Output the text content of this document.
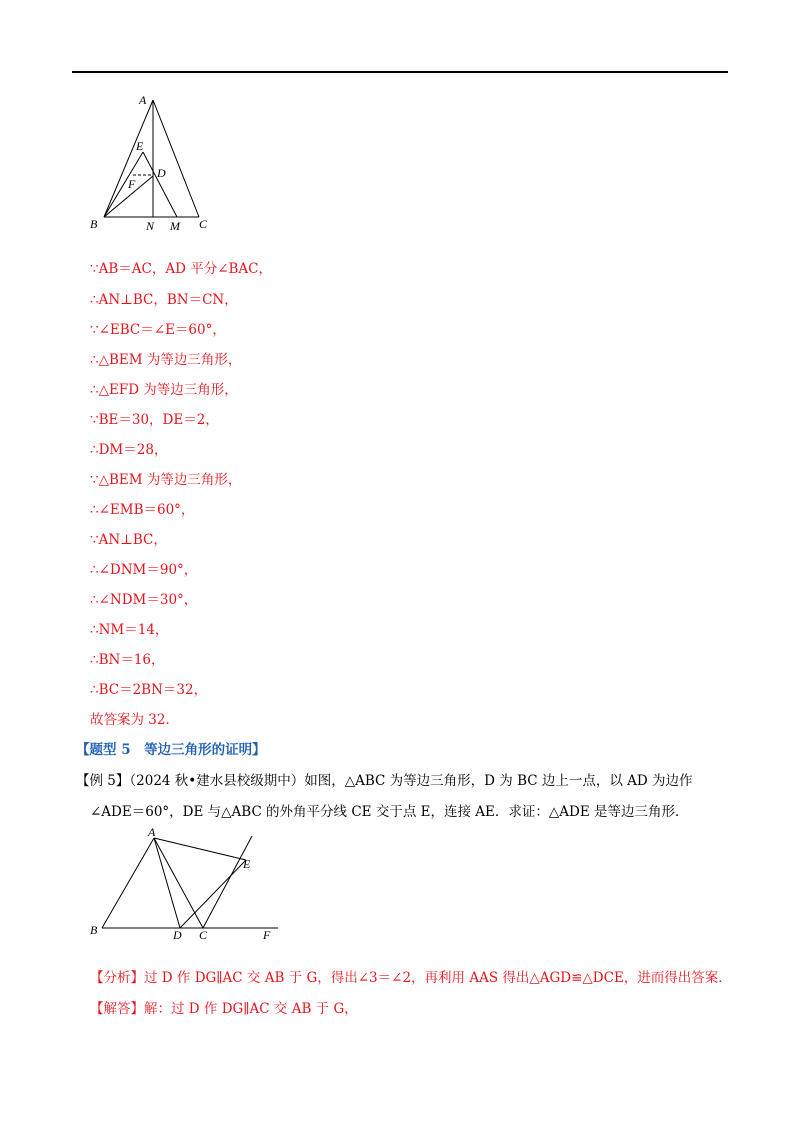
A
E
D
F
B	N M C
∵AB＝AC，AD 平分∠BAC，
∴AN⊥BC，BN＝CN，
∵∠EBC＝∠E＝60°，
∴△BEM 为等边三角形，
∴△EFD 为等边三角形，
∵BE＝30，DE＝2，
∴DM＝28，
∵△BEM 为等边三角形，
∴∠EMB＝60°，
∵AN⊥BC，
∴∠DNM＝90°，
∴∠NDM＝30°，
∴NM＝14，
∴BN＝16，
∴BC＝2BN＝32，
故答案为 32．
【题型 5　等边三角形的证明】
【例 5】（2024 秋•建水县校级期中）如图，△ABC 为等边三角形，D 为 BC 边上一点，以 AD 为边作
∠ADE＝60°，DE 与△ABC 的外角平分线 CE 交于点 E，连接 AE．求证：△ADE 是等边三角形．
A
E
B	D C	F
【分析】过 D 作 DG∥AC 交 AB 于 G，得出∠3＝∠2，再利用 AAS 得出△AGD≌△DCE，进而得出答案．
【解答】解：过 D 作 DG∥AC 交 AB 于 G，
